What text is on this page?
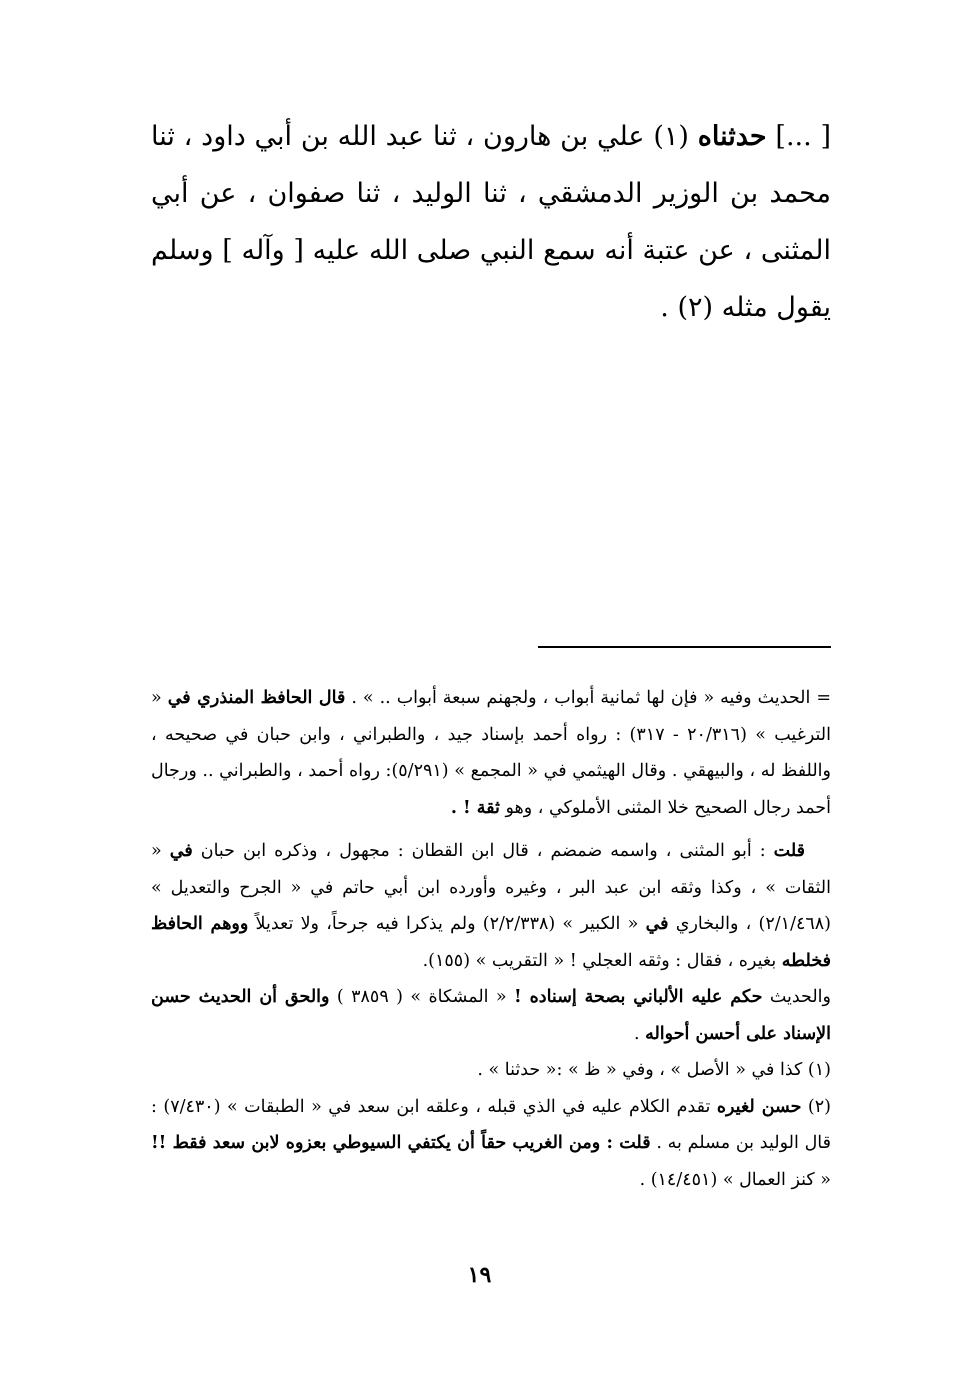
[ ...] حدثناه (١) علي بن هارون ، ثنا عبد الله بن أبي داود ، ثنا محمد بن الوزير الدمشقي ، ثنا الوليد ، ثنا صفوان ، عن أبي المثنى ، عن عتبة أنه سمع النبي صلى الله عليه [ وآله ] وسلم يقول مثله (٢) .

= الحديث وفيه « فإن لها ثمانية أبواب ، ولجهنم سبعة أبواب .. » . قال الحافظ المنذري في « الترغيب » (٢٠/٣١٦ - ٣١٧) : رواه أحمد بإسناد جيد ، والطبراني ، وابن حبان في صحيحه ، واللفظ له ، والبيهقي . وقال الهيثمي في « المجمع » (٥/٢٩١): رواه أحمد ، والطبراني .. ورجال أحمد رجال الصحيح خلا المثنى الأملوكي ، وهو ثقة ! .

قلت : أبو المثنى ، واسمه ضمضم ، قال ابن القطان : مجهول ، وذكره ابن حبان في « الثقات » ، وكذا وثقه ابن عبد البر ، وغيره وأورده ابن أبي حاتم في « الجرح والتعديل » (٢/١/٤٦٨) ، والبخاري في « الكبير » (٢/٢/٣٣٨) ولم يذكرا فيه جرحاً، ولا تعديلاً ووهم الحافظ فخلطه بغيره ، فقال : وثقه العجلي ! « التقريب » (١٥٥).

والحديث حكم عليه الألباني بصحة إسناده ! « المشكاة » ( ٣٨٥٩ ) والحق أن الحديث حسن الإسناد على أحسن أحواله .

(١) كذا في « الأصل » ، وفي « ظ » :« حدثنا » .

(٢) حسن لغيره تقدم الكلام عليه في الذي قبله ، وعلقه ابن سعد في « الطبقات » (٧/٤٣٠) : قال الوليد بن مسلم به . قلت : ومن الغريب حقاً أن يكتفي السيوطي بعزوه لابن سعد فقط !! « كنز العمال » (١٤/٤٥١) .

١٩
